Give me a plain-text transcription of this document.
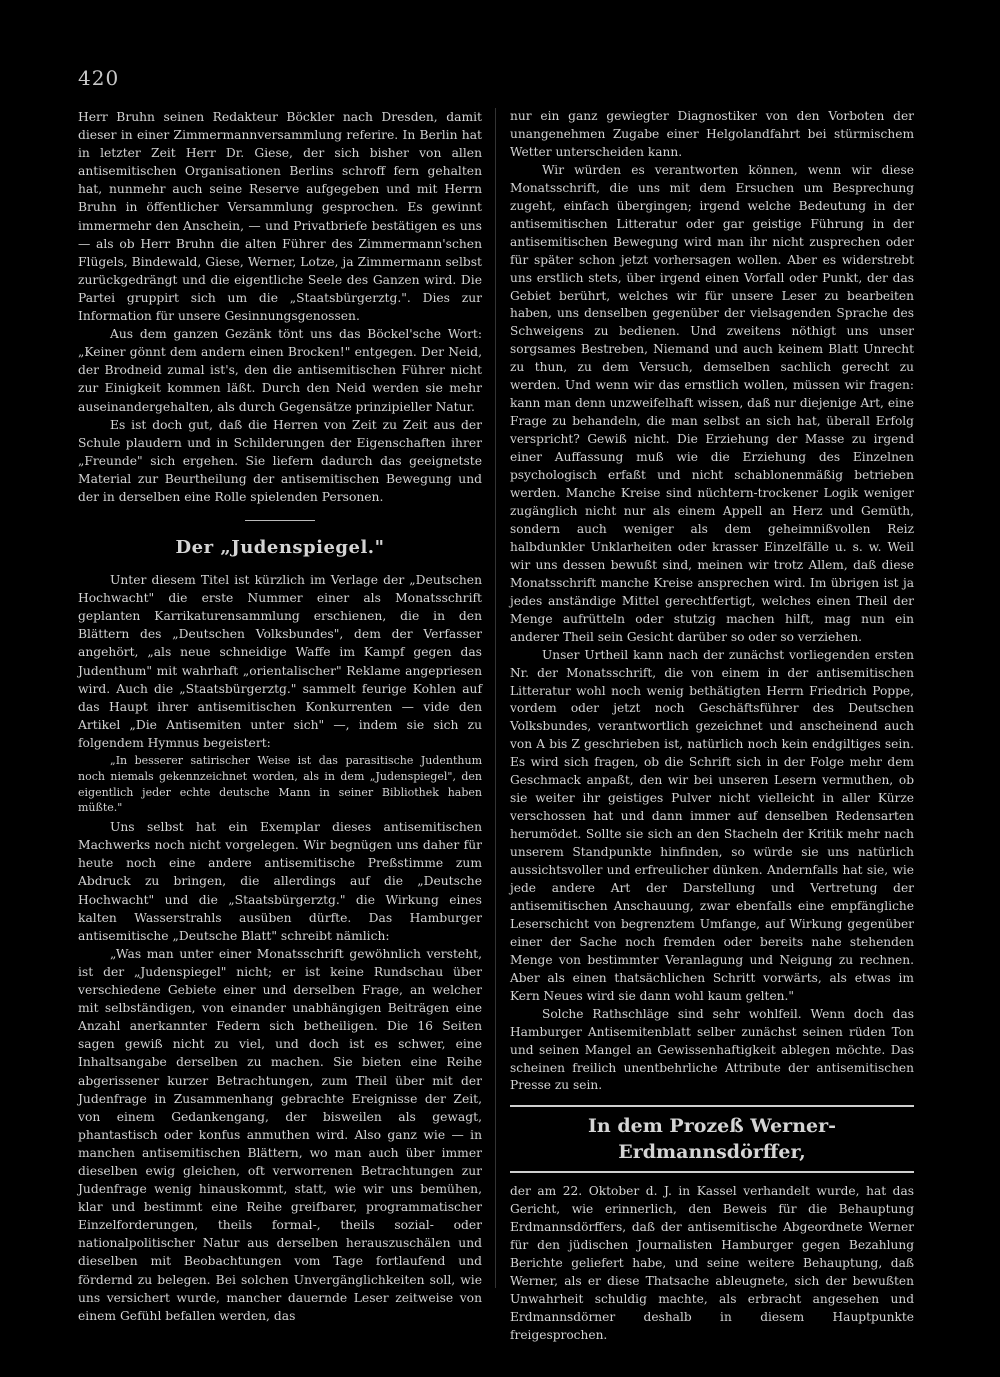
420

Herr Bruhn seinen Redakteur Böckler nach Dresden, damit dieser in einer Zimmermannversammlung referire. In Berlin hat in letzter Zeit Herr Dr. Giese, der sich bisher von allen antisemitischen Organisationen Berlins schroff fern gehalten hat, nunmehr auch seine Reserve aufgegeben und mit Herrn Bruhn in öffentlicher Versammlung gesprochen. Es gewinnt immermehr den Anschein, — und Privatbriefe bestätigen es uns — als ob Herr Bruhn die alten Führer des Zimmermann'schen Flügels, Bindewald, Giese, Werner, Lotze, ja Zimmermann selbst zurückgedrängt und die eigentliche Seele des Ganzen wird. Die Partei gruppirt sich um die „Staatsbürgerztg.". Dies zur Information für unsere Gesinnungsgenossen.

Aus dem ganzen Gezänk tönt uns das Böckel'sche Wort: „Keiner gönnt dem andern einen Brocken!" entgegen. Der Neid, der Brodneid zumal ist's, den die antisemitischen Führer nicht zur Einigkeit kommen läßt. Durch den Neid werden sie mehr auseinandergehalten, als durch Gegensätze prinzipieller Natur.

Es ist doch gut, daß die Herren von Zeit zu Zeit aus der Schule plaudern und in Schilderungen der Eigenschaften ihrer „Freunde" sich ergehen. Sie liefern dadurch das geeignetste Material zur Beurtheilung der antisemitischen Bewegung und der in derselben eine Rolle spielenden Personen.

Der „Judenspiegel."

Unter diesem Titel ist kürzlich im Verlage der „Deutschen Hochwacht" die erste Nummer einer als Monatsschrift geplanten Karrikaturensammlung erschienen, die in den Blättern des „Deutschen Volksbundes", dem der Verfasser angehört, „als neue schneidige Waffe im Kampf gegen das Judenthum" mit wahrhaft „orientalischer" Reklame angepriesen wird. Auch die „Staatsbürgerztg." sammelt feurige Kohlen auf das Haupt ihrer antisemitischen Konkurrenten — vide den Artikel „Die Antisemiten unter sich" —, indem sie sich zu folgendem Hymnus begeistert:

„In besserer satirischer Weise ist das parasitische Judenthum noch niemals gekennzeichnet worden, als in dem „Judenspiegel", den eigentlich jeder echte deutsche Mann in seiner Bibliothek haben müßte."

Uns selbst hat ein Exemplar dieses antisemitischen Machwerks noch nicht vorgelegen. Wir begnügen uns daher für heute noch eine andere antisemitische Preßstimme zum Abdruck zu bringen, die allerdings auf die „Deutsche Hochwacht" und die „Staatsbürgerztg." die Wirkung eines kalten Wasserstrahls ausüben dürfte. Das Hamburger antisemitische „Deutsche Blatt" schreibt nämlich:

„Was man unter einer Monatsschrift gewöhnlich versteht, ist der „Judenspiegel" nicht; er ist keine Rundschau über verschiedene Gebiete einer und derselben Frage, an welcher mit selbständigen, von einander unabhängigen Beiträgen eine Anzahl anerkannter Federn sich betheiligen. Die 16 Seiten sagen gewiß nicht zu viel, und doch ist es schwer, eine Inhaltsangabe derselben zu machen. Sie bieten eine Reihe abgerissener kurzer Betrachtungen, zum Theil über mit der Judenfrage in Zusammenhang gebrachte Ereignisse der Zeit, von einem Gedankengang, der bisweilen als gewagt, phantastisch oder konfus anmuthen wird. Also ganz wie — in manchen antisemitischen Blättern, wo man auch über immer dieselben ewig gleichen, oft verworrenen Betrachtungen zur Judenfrage wenig hinauskommt, statt, wie wir uns bemühen, klar und bestimmt eine Reihe greifbarer, programmatischer Einzelforderungen, theils formal-, theils sozial- oder nationalpolitischer Natur aus derselben herauszuschälen und dieselben mit Beobachtungen vom Tage fortlaufend und fördernd zu belegen. Bei solchen Unvergänglichkeiten soll, wie uns versichert wurde, mancher dauernde Leser zeitweise von einem Gefühl befallen werden, das

nur ein ganz gewiegter Diagnostiker von den Vorboten der unangenehmen Zugabe einer Helgolandfahrt bei stürmischem Wetter unterscheiden kann.

Wir würden es verantworten können, wenn wir diese Monatsschrift, die uns mit dem Ersuchen um Besprechung zugeht, einfach übergingen; irgend welche Bedeutung in der antisemitischen Litteratur oder gar geistige Führung in der antisemitischen Bewegung wird man ihr nicht zusprechen oder für später schon jetzt vorhersagen wollen. Aber es widerstrebt uns erstlich stets, über irgend einen Vorfall oder Punkt, der das Gebiet berührt, welches wir für unsere Leser zu bearbeiten haben, uns denselben gegenüber der vielsagenden Sprache des Schweigens zu bedienen. Und zweitens nöthigt uns unser sorgsames Bestreben, Niemand und auch keinem Blatt Unrecht zu thun, zu dem Versuch, demselben sachlich gerecht zu werden. Und wenn wir das ernstlich wollen, müssen wir fragen: kann man denn unzweifelhaft wissen, daß nur diejenige Art, eine Frage zu behandeln, die man selbst an sich hat, überall Erfolg verspricht? Gewiß nicht. Die Erziehung der Masse zu irgend einer Auffassung muß wie die Erziehung des Einzelnen psychologisch erfaßt und nicht schablonenmäßig betrieben werden. Manche Kreise sind nüchtern-trockener Logik weniger zugänglich nicht nur als einem Appell an Herz und Gemüth, sondern auch weniger als dem geheimnißvollen Reiz halbdunkler Unklarheiten oder krasser Einzelfälle u. s. w. Weil wir uns dessen bewußt sind, meinen wir trotz Allem, daß diese Monatsschrift manche Kreise ansprechen wird. Im übrigen ist ja jedes anständige Mittel gerechtfertigt, welches einen Theil der Menge aufrütteln oder stutzig machen hilft, mag nun ein anderer Theil sein Gesicht darüber so oder so verziehen.

Unser Urtheil kann nach der zunächst vorliegenden ersten Nr. der Monatsschrift, die von einem in der antisemitischen Litteratur wohl noch wenig bethätigten Herrn Friedrich Poppe, vordem oder jetzt noch Geschäftsführer des Deutschen Volksbundes, verantwortlich gezeichnet und anscheinend auch von A bis Z geschrieben ist, natürlich noch kein endgiltiges sein. Es wird sich fragen, ob die Schrift sich in der Folge mehr dem Geschmack anpaßt, den wir bei unseren Lesern vermuthen, ob sie weiter ihr geistiges Pulver nicht vielleicht in aller Kürze verschossen hat und dann immer auf denselben Redensarten herumödet. Sollte sie sich an den Stacheln der Kritik mehr nach unserem Standpunkte hinfinden, so würde sie uns natürlich aussichtsvoller und erfreulicher dünken. Andernfalls hat sie, wie jede andere Art der Darstellung und Vertretung der antisemitischen Anschauung, zwar ebenfalls eine empfängliche Leserschicht von begrenztem Umfange, auf Wirkung gegenüber einer der Sache noch fremden oder bereits nahe stehenden Menge von bestimmter Veranlagung und Neigung zu rechnen. Aber als einen thatsächlichen Schritt vorwärts, als etwas im Kern Neues wird sie dann wohl kaum gelten."

Solche Rathschläge sind sehr wohlfeil. Wenn doch das Hamburger Antisemitenblatt selber zunächst seinen rüden Ton und seinen Mangel an Gewissenhaftigkeit ablegen möchte. Das scheinen freilich unentbehrliche Attribute der antisemitischen Presse zu sein.

In dem Prozeß Werner-Erdmannsdörffer,

der am 22. Oktober d. J. in Kassel verhandelt wurde, hat das Gericht, wie erinnerlich, den Beweis für die Behauptung Erdmannsdörffers, daß der antisemitische Abgeordnete Werner für den jüdischen Journalisten Hamburger gegen Bezahlung Berichte geliefert habe, und seine weitere Behauptung, daß Werner, als er diese Thatsache ableugnete, sich der bewußten Unwahrheit schuldig machte, als erbracht angesehen und Erdmannsdörner deshalb in diesem Hauptpunkte freigesprochen.
